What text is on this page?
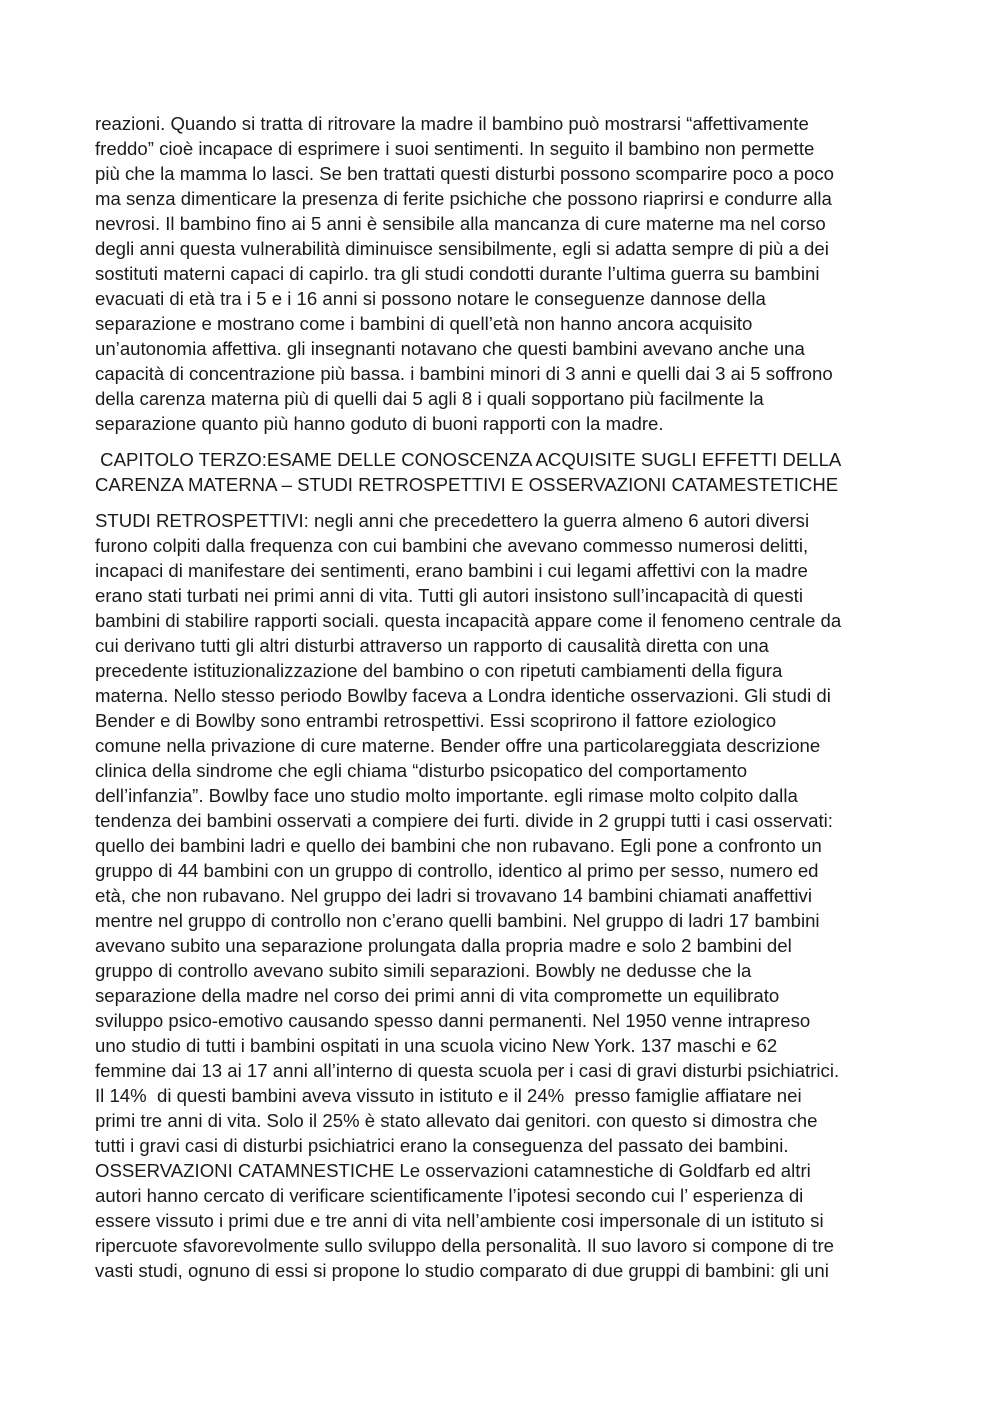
reazioni. Quando si tratta di ritrovare la madre il bambino può mostrarsi “affettivamente
freddo” cioè incapace di esprimere i suoi sentimenti. In seguito il bambino non permette
più che la mamma lo lasci. Se ben trattati questi disturbi possono scomparire poco a poco
ma senza dimenticare la presenza di ferite psichiche che possono riaprirsi e condurre alla
nevrosi. Il bambino fino ai 5 anni è sensibile alla mancanza di cure materne ma nel corso
degli anni questa vulnerabilità diminuisce sensibilmente, egli si adatta sempre di più a dei
sostituti materni capaci di capirlo. tra gli studi condotti durante l’ultima guerra su bambini
evacuati di età tra i 5 e i 16 anni si possono notare le conseguenze dannose della
separazione e mostrano come i bambini di quell’età non hanno ancora acquisito
un’autonomia affettiva. gli insegnanti notavano che questi bambini avevano anche una
capacità di concentrazione più bassa. i bambini minori di 3 anni e quelli dai 3 ai 5 soffrono
della carenza materna più di quelli dai 5 agli 8 i quali sopportano più facilmente la
separazione quanto più hanno goduto di buoni rapporti con la madre.
CAPITOLO TERZO:ESAME DELLE CONOSCENZA ACQUISITE SUGLI EFFETTI DELLA
CARENZA MATERNA – STUDI RETROSPETTIVI E OSSERVAZIONI CATAMESTETICHE
STUDI RETROSPETTIVI: negli anni che precedettero la guerra almeno 6 autori diversi
furono colpiti dalla frequenza con cui bambini che avevano commesso numerosi delitti,
incapaci di manifestare dei sentimenti, erano bambini i cui legami affettivi con la madre
erano stati turbati nei primi anni di vita. Tutti gli autori insistono sull’incapacità di questi
bambini di stabilire rapporti sociali. questa incapacità appare come il fenomeno centrale da
cui derivano tutti gli altri disturbi attraverso un rapporto di causalità diretta con una
precedente istituzionalizzazione del bambino o con ripetuti cambiamenti della figura
materna. Nello stesso periodo Bowlby faceva a Londra identiche osservazioni. Gli studi di
Bender e di Bowlby sono entrambi retrospettivi. Essi scoprirono il fattore eziologico
comune nella privazione di cure materne. Bender offre una particolareggiata descrizione
clinica della sindrome che egli chiama “disturbo psicopatico del comportamento
dell’infanzia”. Bowlby face uno studio molto importante. egli rimase molto colpito dalla
tendenza dei bambini osservati a compiere dei furti. divide in 2 gruppi tutti i casi osservati:
quello dei bambini ladri e quello dei bambini che non rubavano. Egli pone a confronto un
gruppo di 44 bambini con un gruppo di controllo, identico al primo per sesso, numero ed
età, che non rubavano. Nel gruppo dei ladri si trovavano 14 bambini chiamati anaffettivi
mentre nel gruppo di controllo non c’erano quelli bambini. Nel gruppo di ladri 17 bambini
avevano subito una separazione prolungata dalla propria madre e solo 2 bambini del
gruppo di controllo avevano subito simili separazioni. Bowbly ne dedusse che la
separazione della madre nel corso dei primi anni di vita compromette un equilibrato
sviluppo psico-emotivo causando spesso danni permanenti. Nel 1950 venne intrapreso
uno studio di tutti i bambini ospitati in una scuola vicino New York. 137 maschi e 62
femmine dai 13 ai 17 anni all’interno di questa scuola per i casi di gravi disturbi psichiatrici.
Il 14%  di questi bambini aveva vissuto in istituto e il 24%  presso famiglie affiatare nei
primi tre anni di vita. Solo il 25% è stato allevato dai genitori. con questo si dimostra che
tutti i gravi casi di disturbi psichiatrici erano la conseguenza del passato dei bambini.
OSSERVAZIONI CATAMNESTICHE Le osservazioni catamnestiche di Goldfarb ed altri
autori hanno cercato di verificare scientificamente l’ipotesi secondo cui l’ esperienza di
essere vissuto i primi due e tre anni di vita nell’ambiente cosi impersonale di un istituto si
ripercuote sfavorevolmente sullo sviluppo della personalità. Il suo lavoro si compone di tre
vasti studi, ognuno di essi si propone lo studio comparato di due gruppi di bambini: gli uni
